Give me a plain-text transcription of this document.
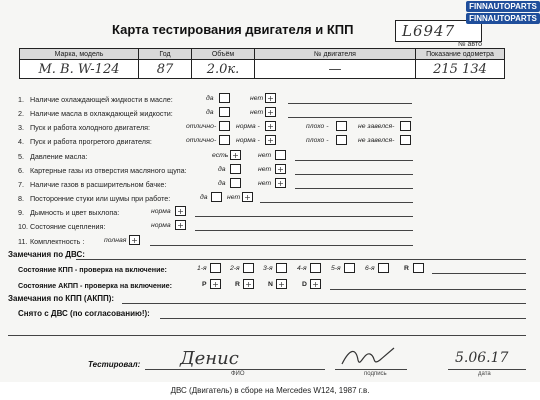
Карта тестирования двигателя и КПП	L6947
№ авто
FINNAUTOPARTS
FINNAUTOPARTS
Марка, модель	Год	Объём	№ двигателя	Показание одометра
M. B. W-124	87	2.0к.	—	215 134
1. Наличие охлаждающей жидкости в масле:	да	нет +
2. Наличие масла в охлаждающей жидкости:	да	нет +
3. Пуск и работа холодного двигателя:	отлично-	норма - +	плохо -	не завелся-
4. Пуск и работа прогретого двигателя:	отлично-	норма - +	плохо -	не завелся-
5. Давление масла:	есть +	нет
6. Картерные газы из отверстия масляного щупа:	да	нет +
7. Наличие газов в расширительном бачке:	да	нет +
8. Посторонние стуки или шумы при работе:	да	нет +
9. Дымность и цвет выхлопа:	норма +
10. Состояние сцепления:	норма +
11. Комплектность :	полная +
Замечания по ДВС:
Состояние КПП - проверка на включение:	1-я	2-я	3-я	4-я	5-я	6-я	R
Состояние АКПП - проверка на включение:	P +	R +	N +	D +
Замечания по КПП (АКПП):
Снято с ДВС (по согласованию!):
Тестировал: Денис	5.06.17
ФИО	подпись	дата
ДВС (Двигатель) в сборе на Mercedes W124, 1987 г.в.
